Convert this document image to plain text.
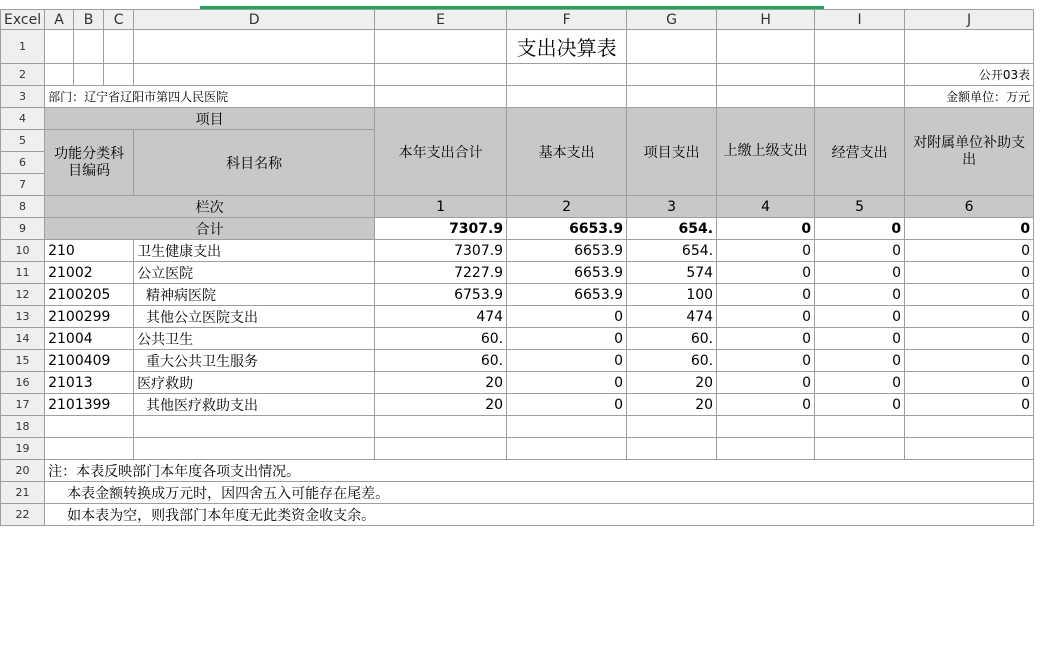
Excel	A	B	C	D	E	F	G	H	I	J
1						支出决算表				
2										公开03表
3	部门：辽宁省辽阳市第四人民医院									金额单位：万元
4	项目				本年支出合计	基本支出	项目支出	上缴上级支出	经营支出	对附属单位补助支出
5	功能分类科目编码			科目名称						
6										
7										
8	栏次				1	2	3	4	5	6
9	合计				7307.9	6653.9	654.	0	0	0
10	210			卫生健康支出	7307.9	6653.9	654.	0	0	0
11	21002			公立医院	7227.9	6653.9	574	0	0	0
12	2100205			精神病医院	6753.9	6653.9	100	0	0	0
13	2100299			其他公立医院支出	474	0	474	0	0	0
14	21004			公共卫生	60.	0	60.	0	0	0
15	2100409			重大公共卫生服务	60.	0	60.	0	0	0
16	21013			医疗救助	20	0	20	0	0	0
17	2101399			其他医疗救助支出	20	0	20	0	0	0
18										
19										
20	注：本表反映部门本年度各项支出情况。									
21	本表金额转换成万元时，因四舍五入可能存在尾差。									
22	如本表为空，则我部门本年度无此类资金收支余。									
